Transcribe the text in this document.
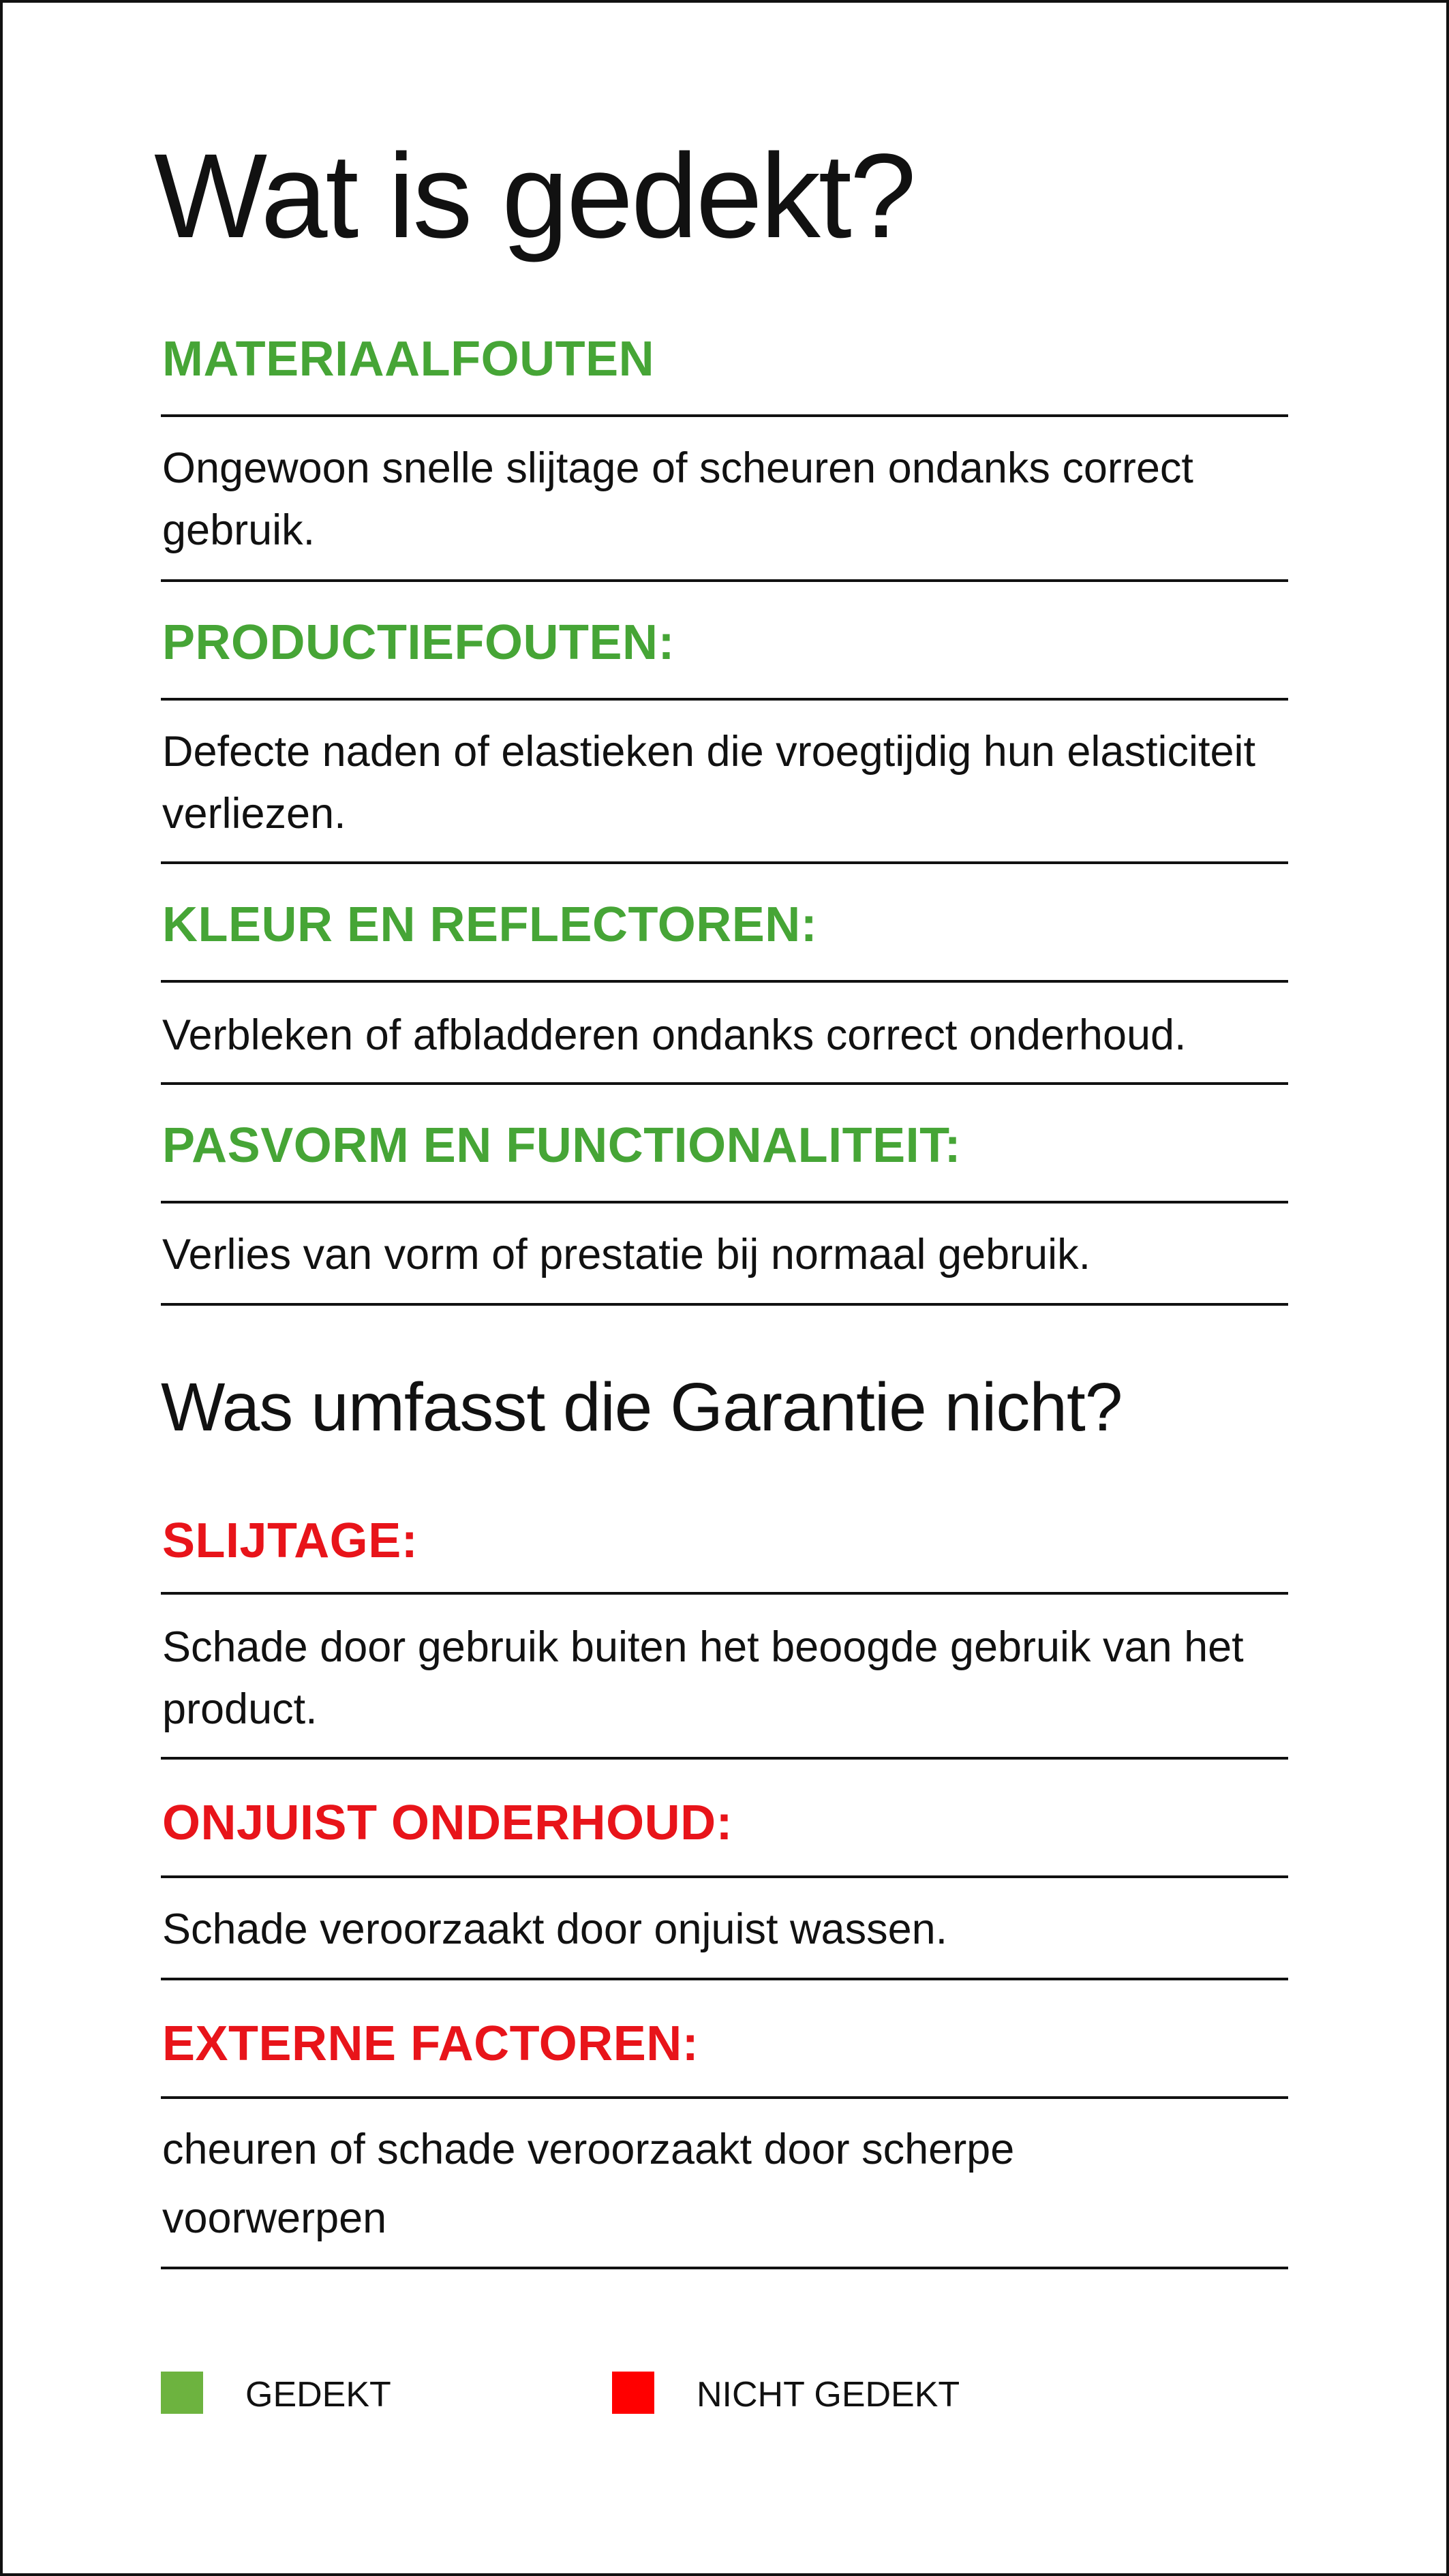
Wat is gedekt?
MATERIAALFOUTEN
Ongewoon snelle slijtage of scheuren ondanks correct gebruik.
PRODUCTIEFOUTEN:
Defecte naden of elastieken die vroegtijdig hun elasticiteit verliezen.
KLEUR EN REFLECTOREN:
Verbleken of afbladderen ondanks correct onderhoud.
PASVORM EN FUNCTIONALITEIT:
Verlies van vorm of prestatie bij normaal gebruik.
Was umfasst die Garantie nicht?
SLIJTAGE:
Schade door gebruik buiten het beoogde gebruik van het product.
ONJUIST ONDERHOUD:
Schade veroorzaakt door onjuist wassen.
EXTERNE FACTOREN:
cheuren of schade veroorzaakt door scherpe voorwerpen
GEDEKT	NICHT GEDEKT
